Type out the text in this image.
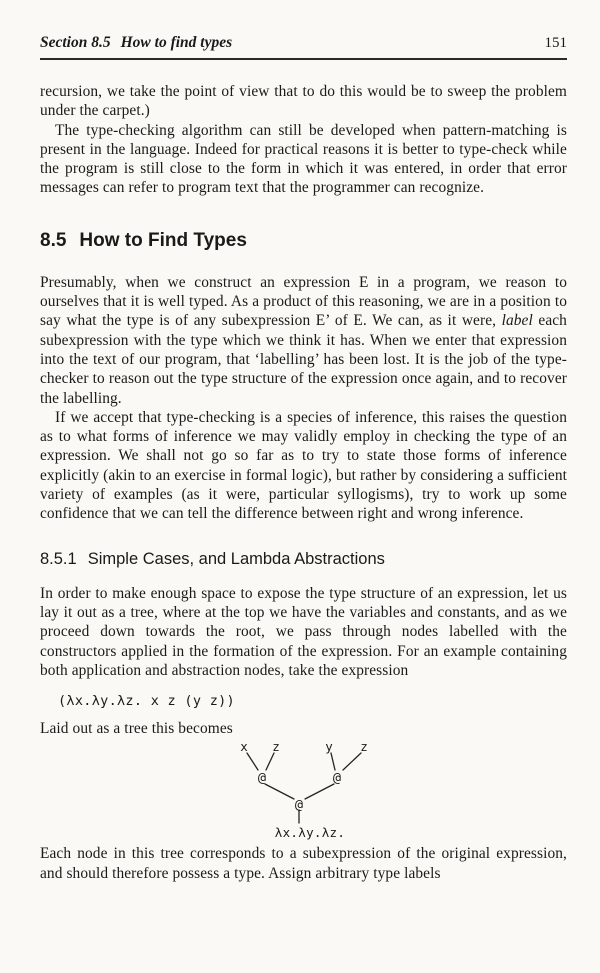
Section 8.5 How to find types	151

recursion, we take the point of view that to do this would be to sweep the problem under the carpet.)

The type-checking algorithm can still be developed when pattern-matching is present in the language. Indeed for practical reasons it is better to type-check while the program is still close to the form in which it was entered, in order that error messages can refer to program text that the programmer can recognize.

8.5 How to Find Types

Presumably, when we construct an expression E in a program, we reason to ourselves that it is well typed. As a product of this reasoning, we are in a position to say what the type is of any subexpression E’ of E. We can, as it were, label each subexpression with the type which we think it has. When we enter that expression into the text of our program, that ‘labelling’ has been lost. It is the job of the type-checker to reason out the type structure of the expression once again, and to recover the labelling.

If we accept that type-checking is a species of inference, this raises the question as to what forms of inference we may validly employ in checking the type of an expression. We shall not go so far as to try to state those forms of inference explicitly (akin to an exercise in formal logic), but rather by considering a sufficient variety of examples (as it were, particular syllogisms), try to work up some confidence that we can tell the difference between right and wrong inference.

8.5.1 Simple Cases, and Lambda Abstractions

In order to make enough space to expose the type structure of an expression, let us lay it out as a tree, where at the top we have the variables and constants, and as we proceed down towards the root, we pass through nodes labelled with the constructors applied in the formation of the expression. For an example containing both application and abstraction nodes, take the expression

(λx.λy.λz. x z (y z))

Laid out as a tree this becomes

x z	y z
@	@
@
λx.λy.λz.

Each node in this tree corresponds to a subexpression of the original expression, and should therefore possess a type. Assign arbitrary type labels
